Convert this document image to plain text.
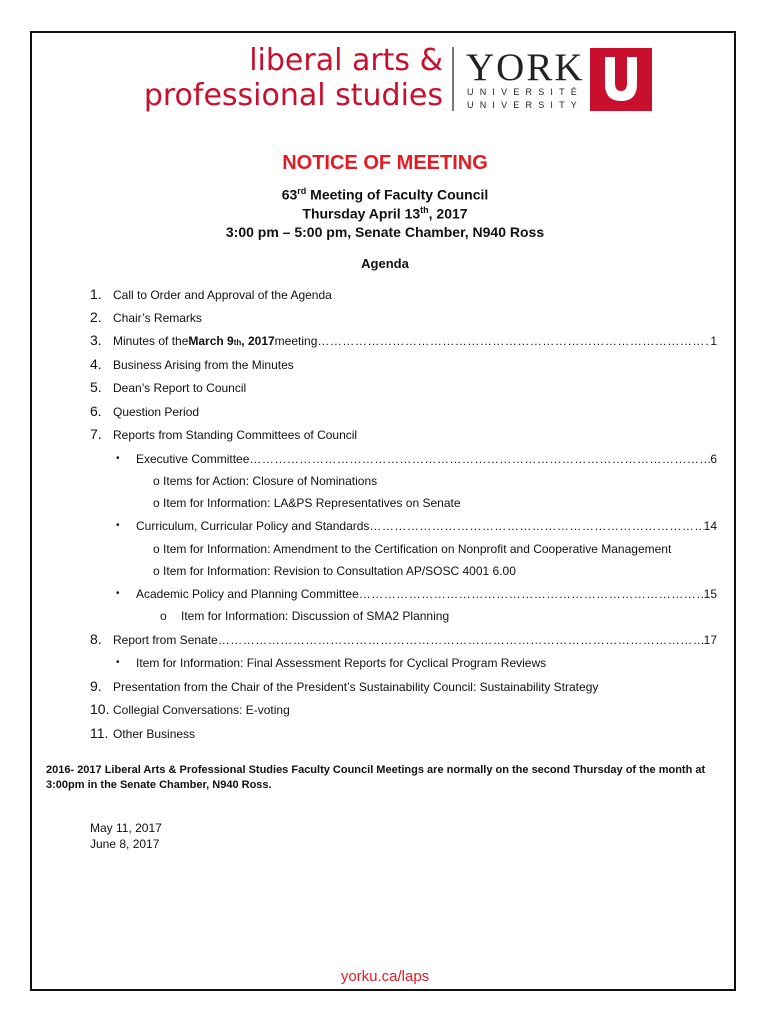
liberal arts &
professional studies
YORK
UNIVERSITÉ
UNIVERSITY
NOTICE OF MEETING
63rd Meeting of Faculty Council
Thursday April 13th, 2017
3:00 pm – 5:00 pm, Senate Chamber, N940 Ross
Agenda
1. Call to Order and Approval of the Agenda
2. Chair’s Remarks
3. Minutes of the March 9 th , 2017 meeting …………………………………………………………………………………………………………………………………………………………	1
4. Business Arising from the Minutes
5. Dean’s Report to Council
6. Question Period
7. Reports from Standing Committees of Council
• Executive Committee …………………………………………………………………………………………………………………………………………………………	6
o Items for Action: Closure of Nominations
o Item for Information: LA&PS Representatives on Senate
• Curriculum, Curricular Policy and Standards …………………………………………………………………………………………………………………………………………………………	14
o Item for Information: Amendment to the Certification on Nonprofit and Cooperative Management
o Item for Information: Revision to Consultation AP/SOSC 4001 6.00
• Academic Policy and Planning Committee …………………………………………………………………………………………………………………………………………………………	15
o Item for Information: Discussion of SMA2 Planning
8. Report from Senate …………………………………………………………………………………………………………………………………………………………	17
• Item for Information: Final Assessment Reports for Cyclical Program Reviews
9. Presentation from the Chair of the President’s Sustainability Council: Sustainability Strategy
10. Collegial Conversations: E-voting
11. Other Business
2016- 2017 Liberal Arts & Professional Studies Faculty Council Meetings are normally on the second Thursday of the month at 3:00pm in the Senate Chamber, N940 Ross.
May 11, 2017
June 8, 2017
yorku.ca/laps
